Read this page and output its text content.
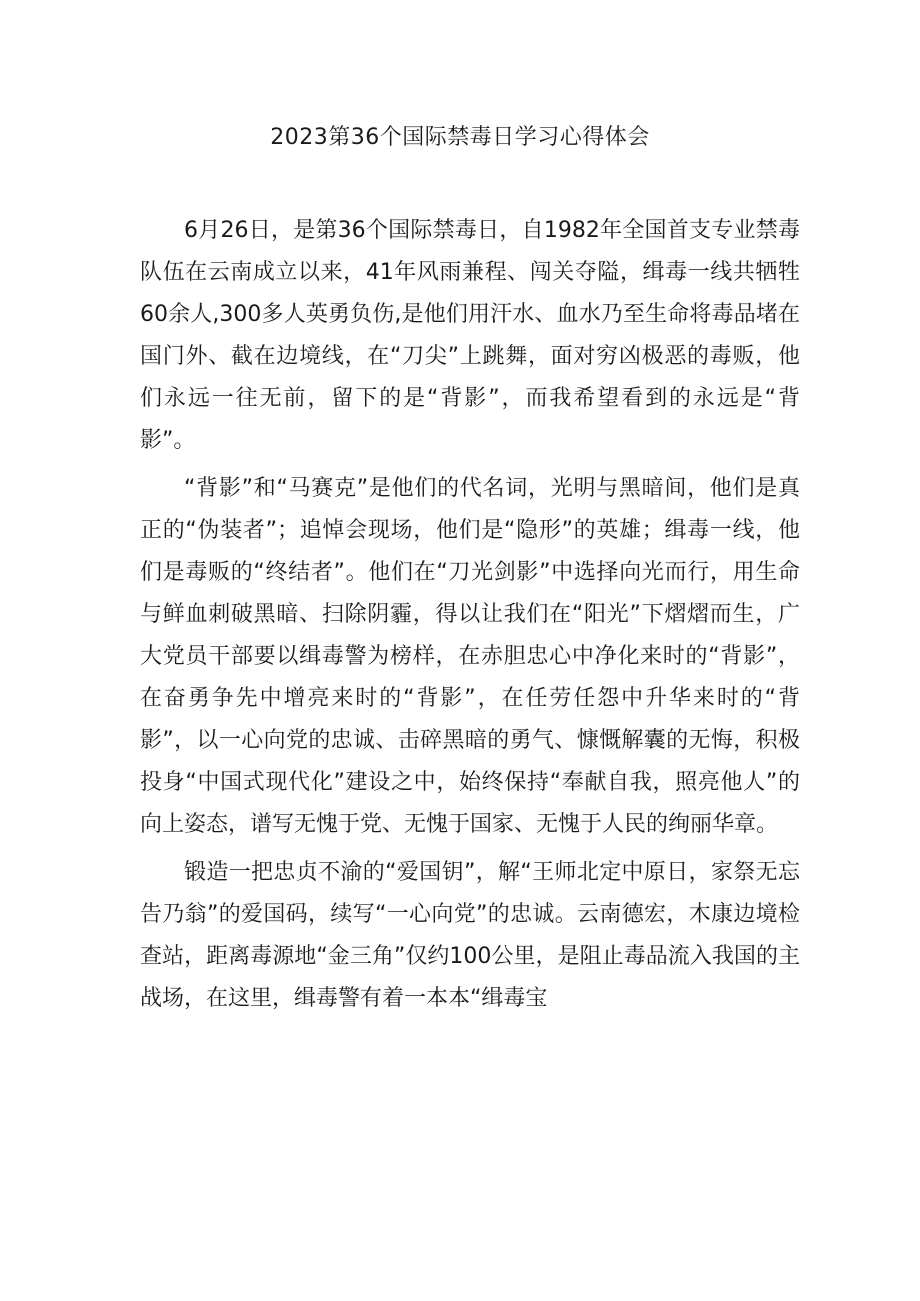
2023第36个国际禁毒日学习心得体会

6月26日，是第36个国际禁毒日，自1982年全国首支专业禁毒队伍在云南成立以来，41年风雨兼程、闯关夺隘，缉毒一线共牺牲60余人,300多人英勇负伤,是他们用汗水、血水乃至生命将毒品堵在国门外、截在边境线，在“刀尖”上跳舞，面对穷凶极恶的毒贩，他们永远一往无前，留下的是“背影”，而我希望看到的永远是“背影”。

“背影”和“马赛克”是他们的代名词，光明与黑暗间，他们是真正的“伪装者”；追悼会现场，他们是“隐形”的英雄；缉毒一线，他们是毒贩的“终结者”。他们在“刀光剑影”中选择向光而行，用生命与鲜血刺破黑暗、扫除阴霾，得以让我们在“阳光”下熠熠而生，广大党员干部要以缉毒警为榜样，在赤胆忠心中净化来时的“背影”，在奋勇争先中增亮来时的“背影”，在任劳任怨中升华来时的“背影”，以一心向党的忠诚、击碎黑暗的勇气、慷慨解囊的无悔，积极投身“中国式现代化”建设之中，始终保持“奉献自我，照亮他人”的向上姿态，谱写无愧于党、无愧于国家、无愧于人民的绚丽华章。

锻造一把忠贞不渝的“爱国钥”，解“王师北定中原日，家祭无忘告乃翁”的爱国码，续写“一心向党”的忠诚。云南德宏，木康边境检查站，距离毒源地“金三角”仅约100公里，是阻止毒品流入我国的主战场，在这里，缉毒警有着一本本“缉毒宝
